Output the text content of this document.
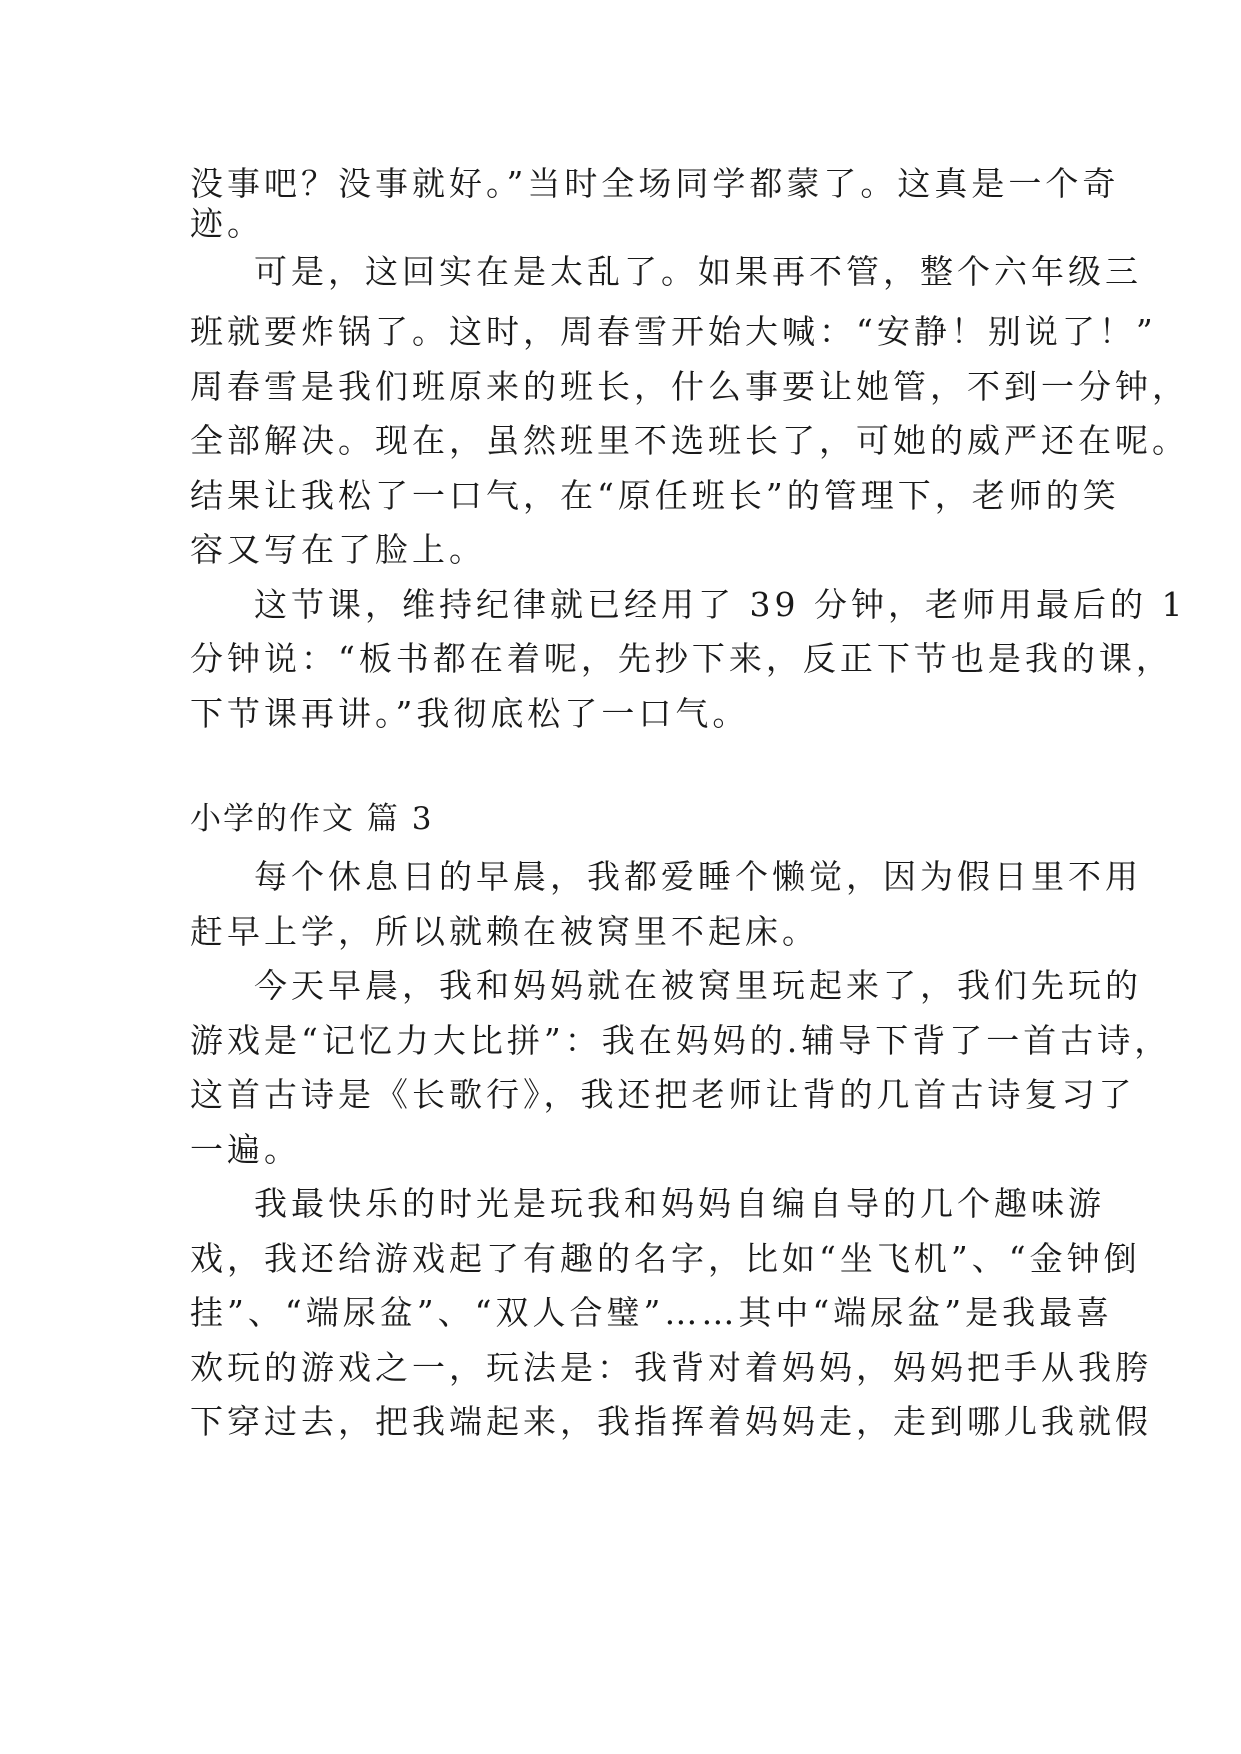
没事吧？没事就好。”当时全场同学都蒙了。这真是一个奇
迹。
可是，这回实在是太乱了。如果再不管，整个六年级三
班就要炸锅了。这时，周春雪开始大喊：“安静！别说了！”
周春雪是我们班原来的班长，什么事要让她管，不到一分钟，
全部解决。现在，虽然班里不选班长了，可她的威严还在呢。
结果让我松了一口气，在“原任班长”的管理下，老师的笑
容又写在了脸上。
这节课，维持纪律就已经用了 39 分钟，老师用最后的 1
分钟说：“板书都在着呢，先抄下来，反正下节也是我的课，
下节课再讲。”我彻底松了一口气。
小学的作文 篇 3
每个休息日的早晨，我都爱睡个懒觉，因为假日里不用
赶早上学，所以就赖在被窝里不起床。
今天早晨，我和妈妈就在被窝里玩起来了，我们先玩的
游戏是“记忆力大比拼”：我在妈妈的.辅导下背了一首古诗，
这首古诗是《长歌行》，我还把老师让背的几首古诗复习了
一遍。
我最快乐的时光是玩我和妈妈自编自导的几个趣味游
戏，我还给游戏起了有趣的名字，比如“坐飞机”、“金钟倒
挂”、“端尿盆”、“双人合璧”……其中“端尿盆”是我最喜
欢玩的游戏之一，玩法是：我背对着妈妈，妈妈把手从我胯
下穿过去，把我端起来，我指挥着妈妈走，走到哪儿我就假
